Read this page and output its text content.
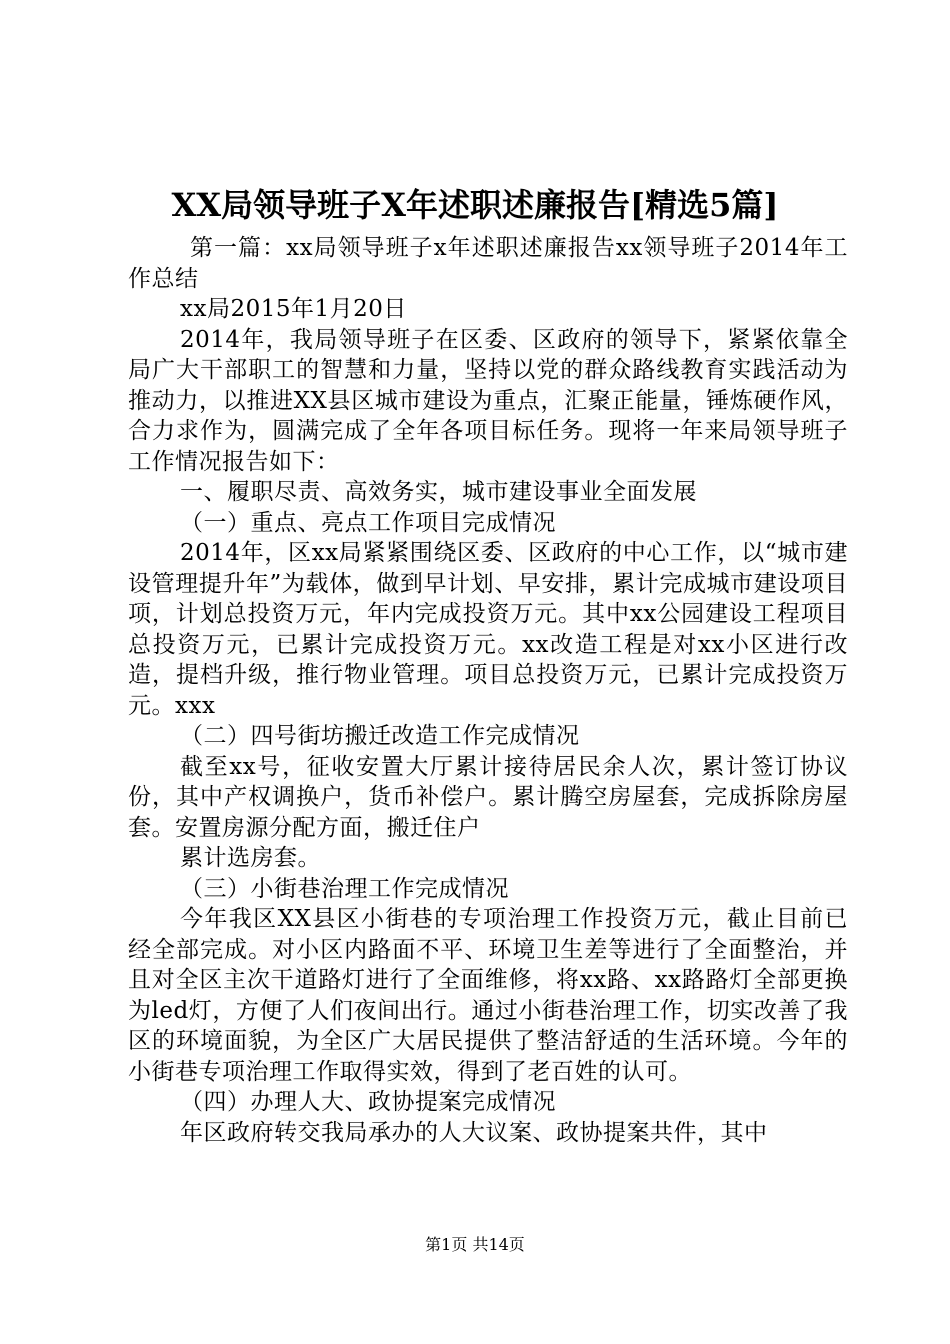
XX局领导班子X年述职述廉报告[精选5篇]

第一篇：xx局领导班子x年述职述廉报告xx领导班子2014年工作总结

xx局2015年1月20日

2014年，我局领导班子在区委、区政府的领导下，紧紧依靠全局广大干部职工的智慧和力量，坚持以党的群众路线教育实践活动为推动力，以推进XX县区城市建设为重点，汇聚正能量，锤炼硬作风，合力求作为，圆满完成了全年各项目标任务。现将一年来局领导班子工作情况报告如下：

一、履职尽责、高效务实，城市建设事业全面发展

（一）重点、亮点工作项目完成情况

2014年，区xx局紧紧围绕区委、区政府的中心工作，以“城市建设管理提升年”为载体，做到早计划、早安排，累计完成城市建设项目项，计划总投资万元，年内完成投资万元。其中xx公园建设工程项目总投资万元，已累计完成投资万元。xx改造工程是对xx小区进行改造，提档升级，推行物业管理。项目总投资万元，已累计完成投资万元。xxx

（二）四号街坊搬迁改造工作完成情况

截至xx号，征收安置大厅累计接待居民余人次，累计签订协议份，其中产权调换户，货币补偿户。累计腾空房屋套，完成拆除房屋套。安置房源分配方面，搬迁住户

累计选房套。

（三）小街巷治理工作完成情况

今年我区XX县区小街巷的专项治理工作投资万元，截止目前已经全部完成。对小区内路面不平、环境卫生差等进行了全面整治，并且对全区主次干道路灯进行了全面维修，将xx路、xx路路灯全部更换为led灯，方便了人们夜间出行。通过小街巷治理工作，切实改善了我区的环境面貌，为全区广大居民提供了整洁舒适的生活环境。今年的小街巷专项治理工作取得实效，得到了老百姓的认可。

（四）办理人大、政协提案完成情况

年区政府转交我局承办的人大议案、政协提案共件，其中

第1页 共14页
